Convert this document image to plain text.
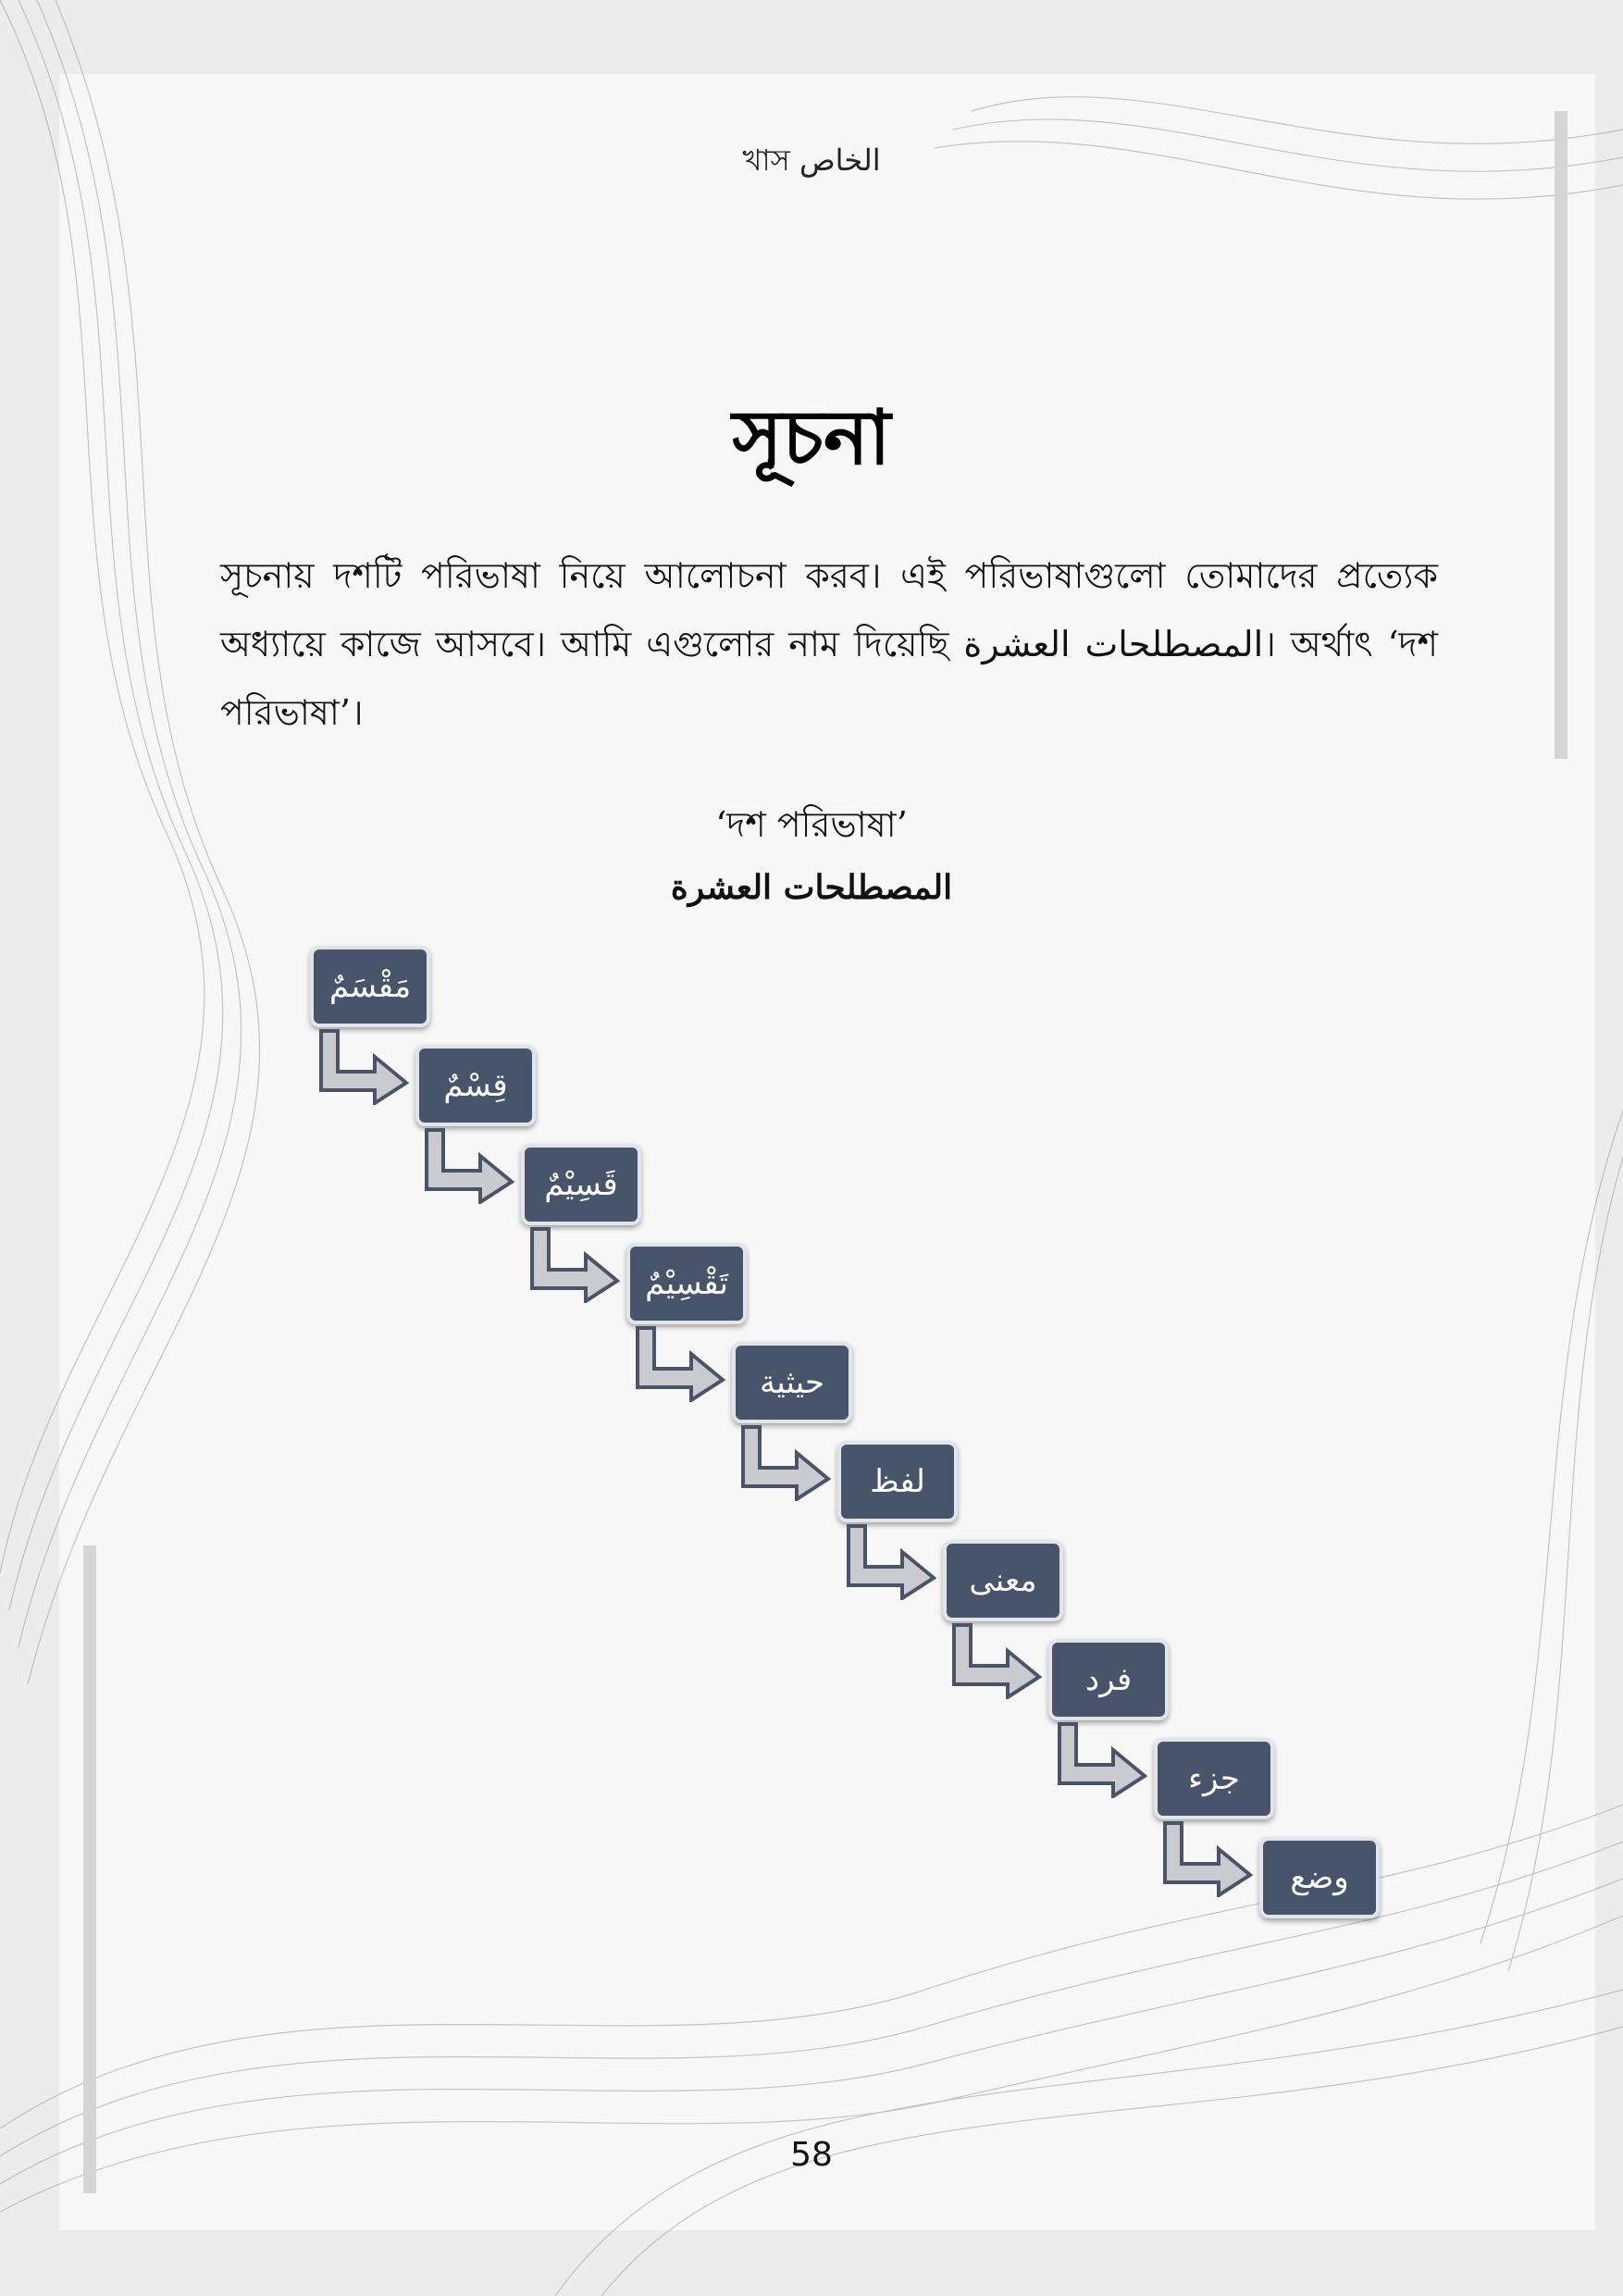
খাস الخاص
সূচনা
সূচনায় দশটি পরিভাষা নিয়ে আলোচনা করব। এই পরিভাষাগুলো তোমাদের প্রত্যেক অধ্যায়ে কাজে আসবে। আমি এগুলোর নাম দিয়েছি المصطلحات العشرة। অর্থাৎ ‘দশ পরিভাষা’।
‘দশ পরিভাষা’
المصطلحات العشرة
مَقْسَمٌ
قِسْمٌ
قَسِيْمٌ
تَقْسِيْمٌ
حيثية
لفظ
معنى
فرد
جزء
وضع
58
